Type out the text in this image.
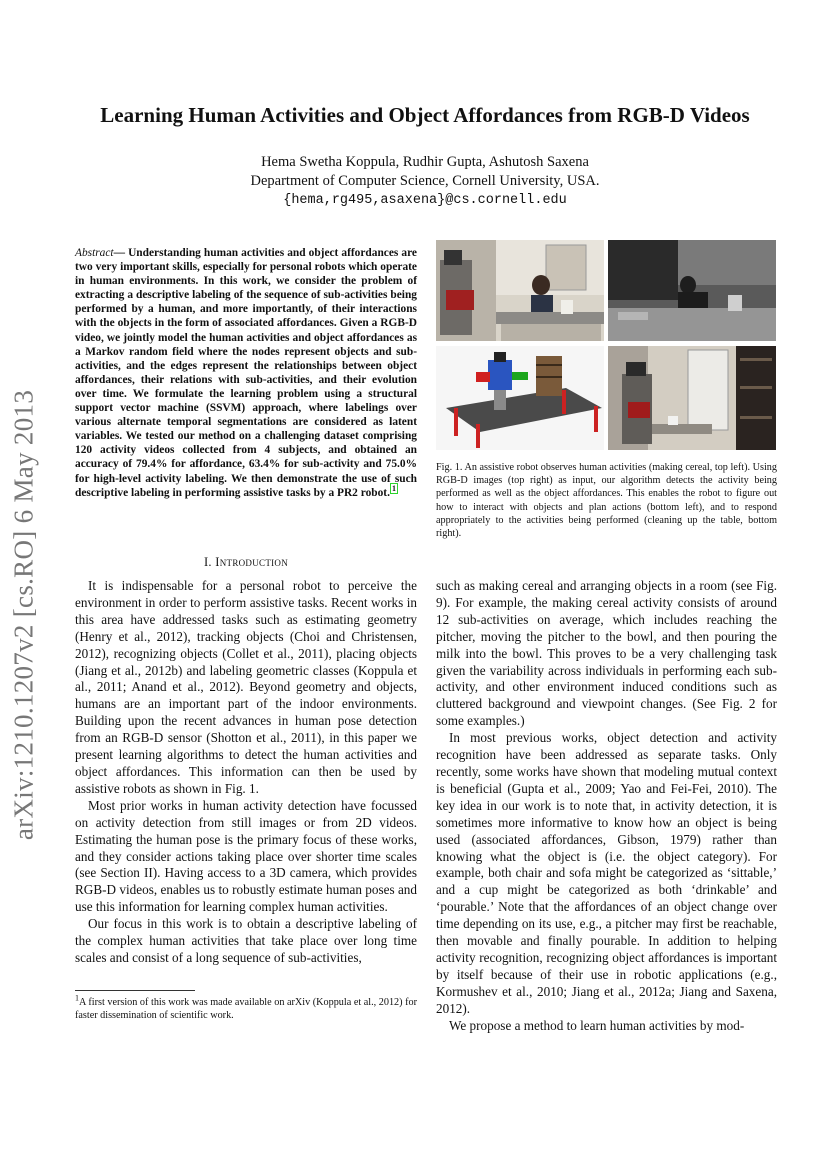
arXiv:1210.1207v2 [cs.RO] 6 May 2013
Learning Human Activities and Object Affordances from RGB-D Videos
Hema Swetha Koppula, Rudhir Gupta, Ashutosh Saxena
Department of Computer Science, Cornell University, USA.
{hema,rg495,asaxena}@cs.cornell.edu
Abstract— Understanding human activities and object affordances are two very important skills, especially for personal robots which operate in human environments. In this work, we consider the problem of extracting a descriptive labeling of the sequence of sub-activities being performed by a human, and more importantly, of their interactions with the objects in the form of associated affordances. Given a RGB-D video, we jointly model the human activities and object affordances as a Markov random field where the nodes represent objects and sub-activities, and the edges represent the relationships between object affordances, their relations with sub-activities, and their evolution over time. We formulate the learning problem using a structural support vector machine (SSVM) approach, where labelings over various alternate temporal segmentations are considered as latent variables. We tested our method on a challenging dataset comprising 120 activity videos collected from 4 subjects, and obtained an accuracy of 79.4% for affordance, 63.4% for sub-activity and 75.0% for high-level activity labeling. We then demonstrate the use of such descriptive labeling in performing assistive tasks by a PR2 robot. $^1$
I. Introduction

It is indispensable for a personal robot to perceive the environment in order to perform assistive tasks. Recent works in this area have addressed tasks such as estimating geometry (Henry et al., 2012), tracking objects (Choi and Christensen, 2012), recognizing objects (Collet et al., 2011), placing objects (Jiang et al., 2012b) and labeling geometric classes (Koppula et al., 2011; Anand et al., 2012). Beyond geometry and objects, humans are an important part of the indoor environments. Building upon the recent advances in human pose detection from an RGB-D sensor (Shotton et al., 2011), in this paper we present learning algorithms to detect the human activities and object affordances. This information can then be used by assistive robots as shown in Fig. 1.

Most prior works in human activity detection have focussed on activity detection from still images or from 2D videos. Estimating the human pose is the primary focus of these works, and they consider actions taking place over shorter time scales (see Section II). Having access to a 3D camera, which provides RGB-D videos, enables us to robustly estimate human poses and use this information for learning complex human activities.

Our focus in this work is to obtain a descriptive labeling of the complex human activities that take place over long time scales and consist of a long sequence of sub-activities,

Fig. 1. An assistive robot observes human activities (making cereal, top left). Using RGB-D images (top right) as input, our algorithm detects the activity being performed as well as the object affordances. This enables the robot to figure out how to interact with objects and plan actions (bottom left), and to respond appropriately to the activities being performed (cleaning up the table, bottom right).

such as making cereal and arranging objects in a room (see Fig. 9). For example, the making cereal activity consists of around 12 sub-activities on average, which includes reaching the pitcher, moving the pitcher to the bowl, and then pouring the milk into the bowl. This proves to be a very challenging task given the variability across individuals in performing each sub-activity, and other environment induced conditions such as cluttered background and viewpoint changes. (See Fig. 2 for some examples.)

In most previous works, object detection and activity recognition have been addressed as separate tasks. Only recently, some works have shown that modeling mutual context is beneficial (Gupta et al., 2009; Yao and Fei-Fei, 2010). The key idea in our work is to note that, in activity detection, it is sometimes more informative to know how an object is being used (associated affordances, Gibson, 1979) rather than knowing what the object is (i.e. the object category). For example, both chair and sofa might be categorized as ‘sittable,’ and a cup might be categorized as both ‘drinkable’ and ‘pourable.’ Note that the affordances of an object change over time depending on its use, e.g., a pitcher may first be reachable, then movable and finally pourable. In addition to helping activity recognition, recognizing object affordances is important by itself because of their use in robotic applications (e.g., Kormushev et al., 2010; Jiang et al., 2012a; Jiang and Saxena, 2012).

We propose a method to learn human activities by mod-

$^1$A first version of this work was made available on arXiv (Koppula et al., 2012) for faster dissemination of scientific work.
